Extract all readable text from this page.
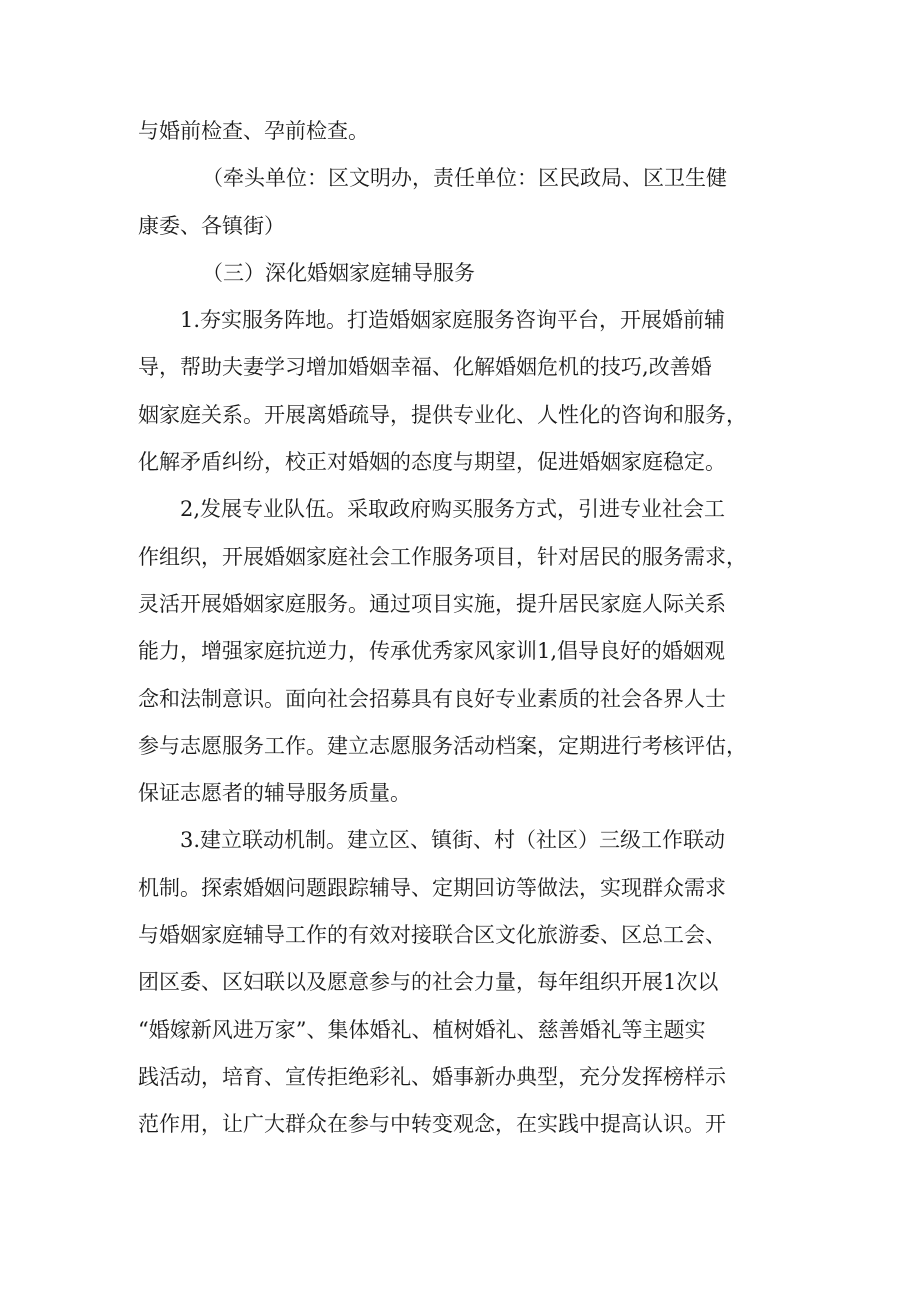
与婚前检查、孕前检查。
（牵头单位：区文明办，责任单位：区民政局、区卫生健
康委、各镇街）
（三）深化婚姻家庭辅导服务
1.夯实服务阵地。打造婚姻家庭服务咨询平台，开展婚前辅
导，帮助夫妻学习增加婚姻幸福、化解婚姻危机的技巧,改善婚
姻家庭关系。开展离婚疏导，提供专业化、人性化的咨询和服务，
化解矛盾纠纷，校正对婚姻的态度与期望，促进婚姻家庭稳定。
2,发展专业队伍。采取政府购买服务方式，引进专业社会工
作组织，开展婚姻家庭社会工作服务项目，针对居民的服务需求，
灵活开展婚姻家庭服务。通过项目实施，提升居民家庭人际关系
能力，增强家庭抗逆力，传承优秀家风家训1,倡导良好的婚姻观
念和法制意识。面向社会招募具有良好专业素质的社会各界人士
参与志愿服务工作。建立志愿服务活动档案，定期进行考核评估，
保证志愿者的辅导服务质量。
3.建立联动机制。建立区、镇街、村（社区）三级工作联动
机制。探索婚姻问题跟踪辅导、定期回访等做法，实现群众需求
与婚姻家庭辅导工作的有效对接联合区文化旅游委、区总工会、
团区委、区妇联以及愿意参与的社会力量，每年组织开展1次以
“婚嫁新风进万家”、集体婚礼、植树婚礼、慈善婚礼等主题实
践活动，培育、宣传拒绝彩礼、婚事新办典型，充分发挥榜样示
范作用，让广大群众在参与中转变观念，在实践中提高认识。开
